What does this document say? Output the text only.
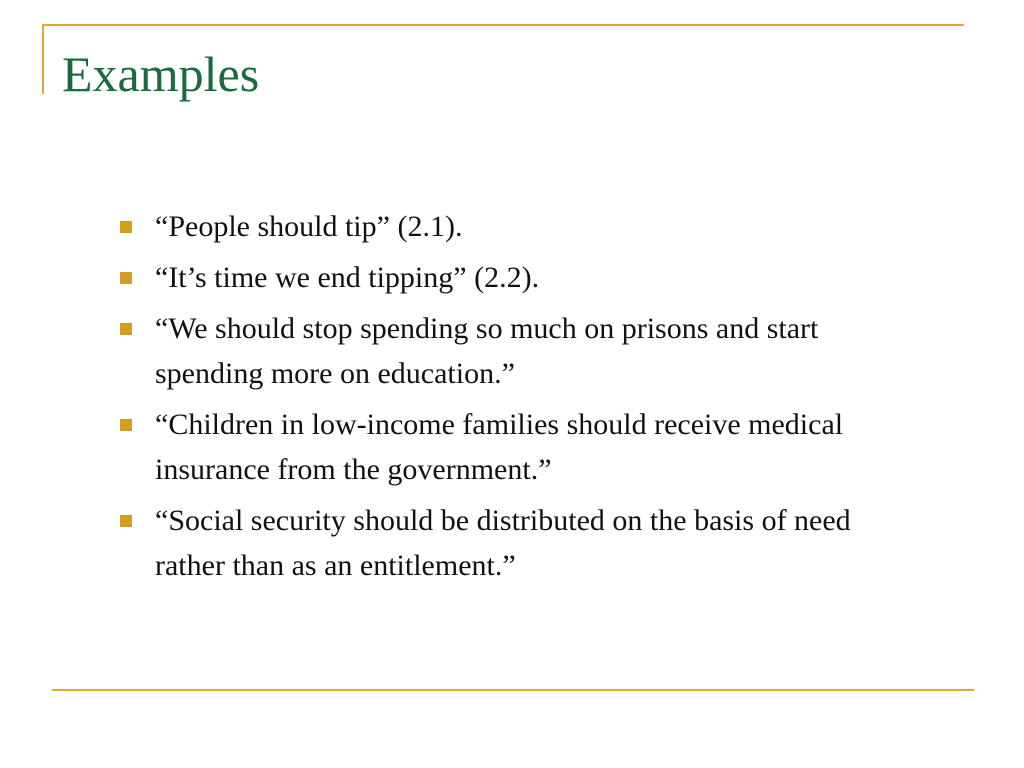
Examples
“People should tip” (2.1).
“It’s time we end tipping” (2.2).
“We should stop spending so much on prisons and start spending more on education.”
“Children in low-income families should receive medical insurance from the government.”
“Social security should be distributed on the basis of need rather than as an entitlement.”
